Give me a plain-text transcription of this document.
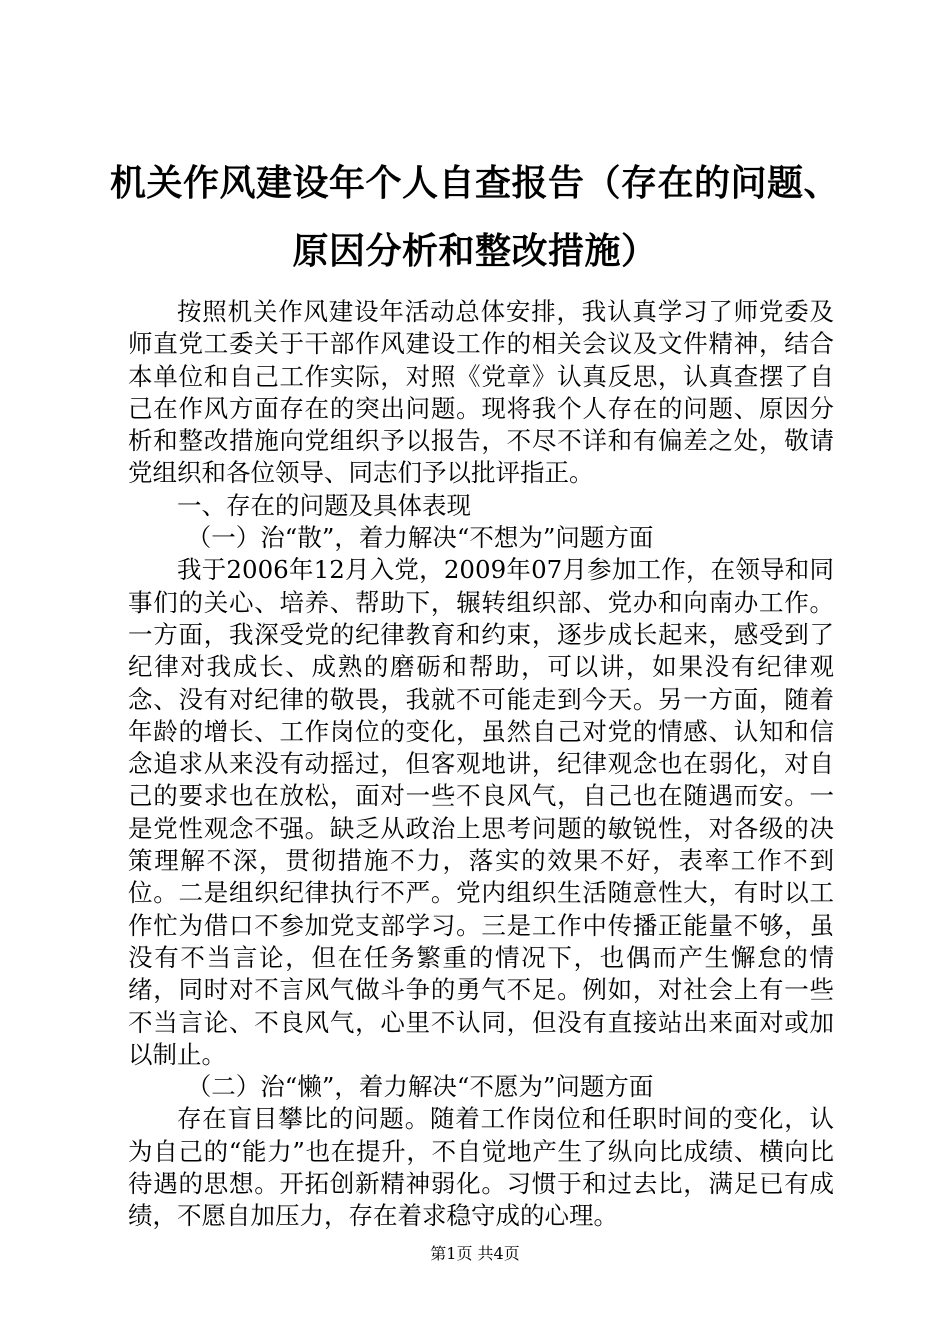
机关作风建设年个人自查报告（存在的问题、
原因分析和整改措施）

按照机关作风建设年活动总体安排，我认真学习了师党委及师直党工委关于干部作风建设工作的相关会议及文件精神，结合本单位和自己工作实际，对照《党章》认真反思，认真查摆了自己在作风方面存在的突出问题。现将我个人存在的问题、原因分析和整改措施向党组织予以报告，不尽不详和有偏差之处，敬请党组织和各位领导、同志们予以批评指正。

一、存在的问题及具体表现

（一）治“散”，着力解决“不想为”问题方面

我于2006年12月入党，2009年07月参加工作，在领导和同事们的关心、培养、帮助下，辗转组织部、党办和向南办工作。一方面，我深受党的纪律教育和约束，逐步成长起来，感受到了纪律对我成长、成熟的磨砺和帮助，可以讲，如果没有纪律观念、没有对纪律的敬畏，我就不可能走到今天。另一方面，随着年龄的增长、工作岗位的变化，虽然自己对党的情感、认知和信念追求从来没有动摇过，但客观地讲，纪律观念也在弱化，对自己的要求也在放松，面对一些不良风气，自己也在随遇而安。一是党性观念不强。缺乏从政治上思考问题的敏锐性，对各级的决策理解不深，贯彻措施不力，落实的效果不好，表率工作不到位。二是组织纪律执行不严。党内组织生活随意性大，有时以工作忙为借口不参加党支部学习。三是工作中传播正能量不够，虽没有不当言论，但在任务繁重的情况下，也偶而产生懈怠的情绪，同时对不言风气做斗争的勇气不足。例如，对社会上有一些不当言论、不良风气，心里不认同，但没有直接站出来面对或加以制止。

（二）治“懒”，着力解决“不愿为”问题方面

存在盲目攀比的问题。随着工作岗位和任职时间的变化，认为自己的“能力”也在提升，不自觉地产生了纵向比成绩、横向比待遇的思想。开拓创新精神弱化。习惯于和过去比，满足已有成绩，不愿自加压力，存在着求稳守成的心理。

第1页 共4页
